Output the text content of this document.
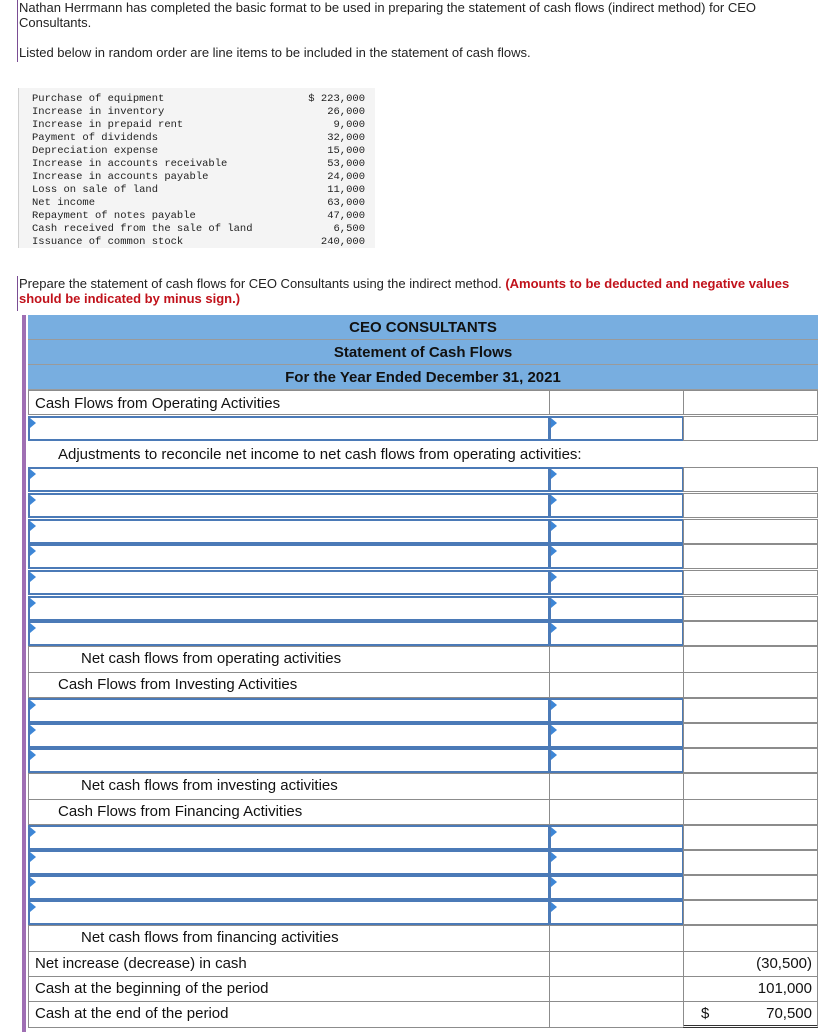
Nathan Herrmann has completed the basic format to be used in preparing the statement of cash flows (indirect method) for CEO Consultants.

Listed below in random order are line items to be included in the statement of cash flows.

Purchase of equipment	$ 223,000
Increase in inventory	26,000
Increase in prepaid rent	9,000
Payment of dividends	32,000
Depreciation expense	15,000
Increase in accounts receivable	53,000
Increase in accounts payable	24,000
Loss on sale of land	11,000
Net income	63,000
Repayment of notes payable	47,000
Cash received from the sale of land	6,500
Issuance of common stock	240,000
Prepare the statement of cash flows for CEO Consultants using the indirect method. (Amounts to be deducted and negative values should be indicated by minus sign.)
CEO CONSULTANTS
Statement of Cash Flows
For the Year Ended December 31, 2021
Cash Flows from Operating Activities
Adjustments to reconcile net income to net cash flows from operating activities:
Net cash flows from operating activities
Cash Flows from Investing Activities
Net cash flows from investing activities
Cash Flows from Financing Activities
Net cash flows from financing activities
Net increase (decrease) in cash	(30,500)
Cash at the beginning of the period	101,000
Cash at the end of the period	$	70,500
